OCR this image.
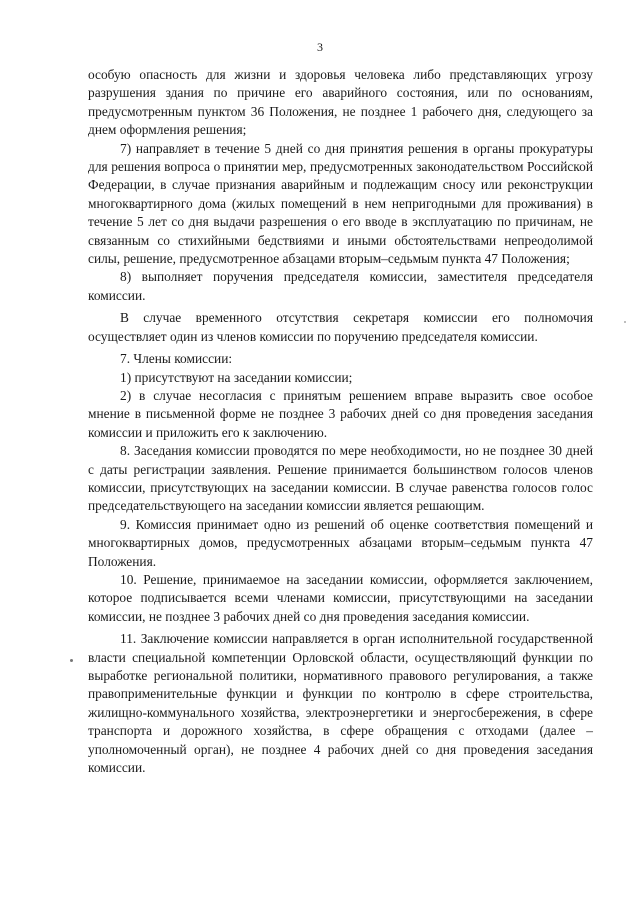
3

особую опасность для жизни и здоровья человека либо представляющих угрозу разрушения здания по причине его аварийного состояния, или по основаниям, предусмотренным пунктом 36 Положения, не позднее 1 рабочего дня, следующего за днем оформления решения;

7) направляет в течение 5 дней со дня принятия решения в органы прокуратуры для решения вопроса о принятии мер, предусмотренных законодательством Российской Федерации, в случае признания аварийным и подлежащим сносу или реконструкции многоквартирного дома (жилых помещений в нем непригодными для проживания) в течение 5 лет со дня выдачи разрешения о его вводе в эксплуатацию по причинам, не связанным со стихийными бедствиями и иными обстоятельствами непреодолимой силы, решение, предусмотренное абзацами вторым–седьмым пункта 47 Положения;

8) выполняет поручения председателя комиссии, заместителя председателя комиссии.

В случае временного отсутствия секретаря комиссии его полномочия осуществляет один из членов комиссии по поручению председателя комиссии.

7. Члены комиссии:

1) присутствуют на заседании комиссии;

2) в случае несогласия с принятым решением вправе выразить свое особое мнение в письменной форме не позднее 3 рабочих дней со дня проведения заседания комиссии и приложить его к заключению.

8. Заседания комиссии проводятся по мере необходимости, но не позднее 30 дней с даты регистрации заявления. Решение принимается большинством голосов членов комиссии, присутствующих на заседании комиссии. В случае равенства голосов голос председательствующего на заседании комиссии является решающим.

9. Комиссия принимает одно из решений об оценке соответствия помещений и многоквартирных домов, предусмотренных абзацами вторым–седьмым пункта 47 Положения.

10. Решение, принимаемое на заседании комиссии, оформляется заключением, которое подписывается всеми членами комиссии, присутствующими на заседании комиссии, не позднее 3 рабочих дней со дня проведения заседания комиссии.

11. Заключение комиссии направляется в орган исполнительной государственной власти специальной компетенции Орловской области, осуществляющий функции по выработке региональной политики, нормативного правового регулирования, а также правоприменительные функции и функции по контролю в сфере строительства, жилищно-коммунального хозяйства, электроэнергетики и энергосбережения, в сфере транспорта и дорожного хозяйства, в сфере обращения с отходами (далее – уполномоченный орган), не позднее 4 рабочих дней со дня проведения заседания комиссии.
